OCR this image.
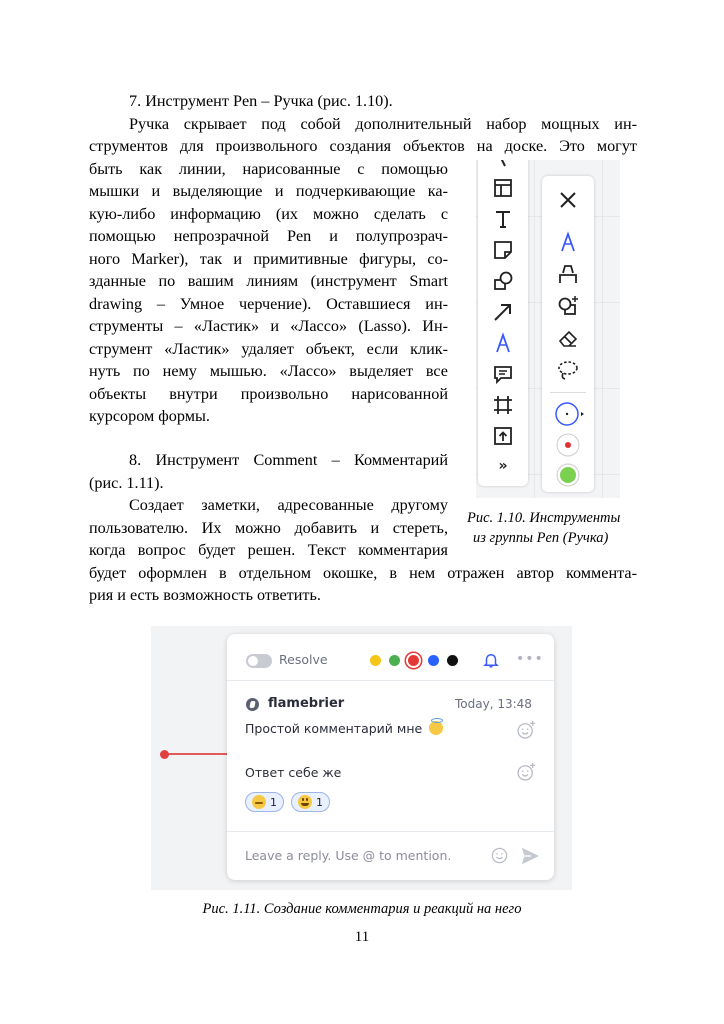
7. Инструмент Pen – Ручка (рис. 1.10).
Ручка скрывает под собой дополнительный набор мощных ин-
струментов для произвольного создания объектов на доске. Это могут
быть как линии, нарисованные с помощью
мышки и выделяющие и подчеркивающие ка-
кую-либо информацию (их можно сделать с
помощью непрозрачной Pen и полупрозрач-
ного Marker), так и примитивные фигуры, со-
зданные по вашим линиям (инструмент Smart
drawing – Умное черчение). Оставшиеся ин-
струменты – «Ластик» и «Лассо» (Lasso). Ин-
струмент «Ластик» удаляет объект, если клик-
нуть по нему мышью. «Лассо» выделяет все
объекты внутри произвольно нарисованной
курсором формы.
8. Инструмент Comment – Комментарий
(рис. 1.11).
Создает заметки, адресованные другому
пользователю. Их можно добавить и стереть,
когда вопрос будет решен. Текст комментария
будет оформлен в отдельном окошке, в нем отражен автор коммента-
рия и есть возможность ответить.
»
Рис. 1.10. Инструменты
из группы Pen (Ручка)
Resolve	•••
flamebrier	Today, 13:48
Простой комментарий мне
Ответ себе же
1	1
Leave a reply. Use @ to mention.
Рис. 1.11. Создание комментария и реакций на него
11
